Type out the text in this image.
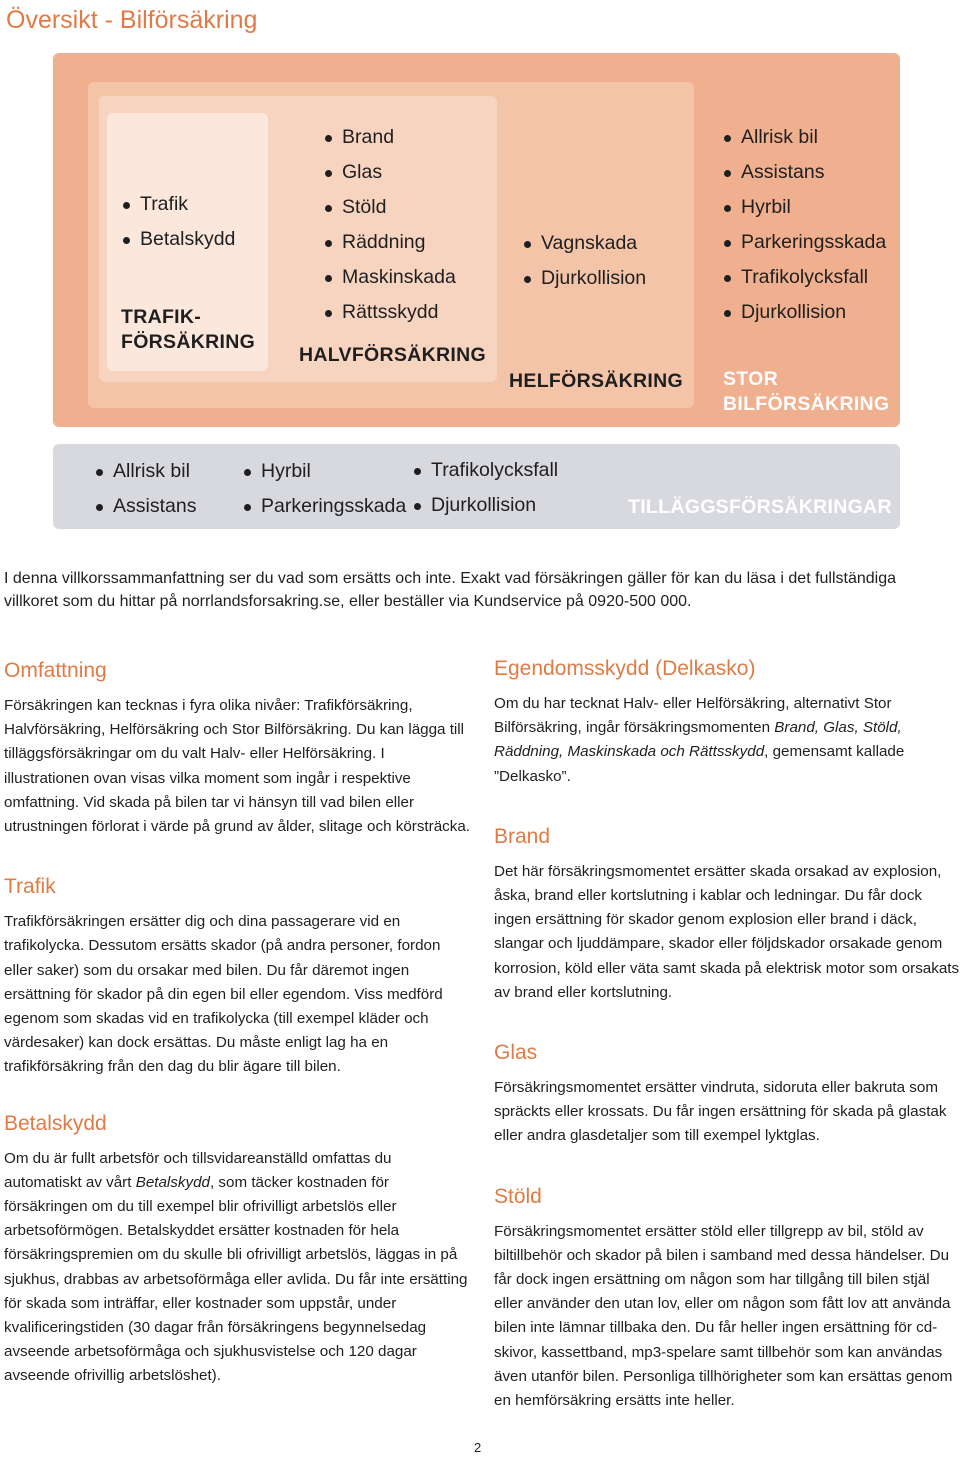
Översikt - Bilförsäkring
Trafik
Betalskydd
TRAFIK-
FÖRSÄKRING
Brand
Glas
Stöld
Räddning
Maskinskada
Rättsskydd
HALVFÖRSÄKRING
Vagnskada
Djurkollision
HELFÖRSÄKRING
Allrisk bil
Assistans
Hyrbil
Parkeringsskada
Trafikolycksfall
Djurkollision
STOR
BILFÖRSÄKRING
Allrisk bil
Assistans
Hyrbil
Parkeringsskada
Trafikolycksfall
Djurkollision	TILLÄGGSFÖRSÄKRINGAR

I denna villkorssammanfattning ser du vad som ersätts och inte. Exakt vad försäkringen gäller för kan du läsa i det fullständiga villkoret som du hittar på norrlandsforsakring.se, eller beställer via Kundservice på 0920-500 000.

Omfattning

Försäkringen kan tecknas i fyra olika nivåer: Trafikförsäkring, Halvförsäkring, Helförsäkring och Stor Bilförsäkring. Du kan lägga till tilläggsförsäkringar om du valt Halv- eller Helförsäkring. I illustrationen ovan visas vilka moment som ingår i respektive omfattning. Vid skada på bilen tar vi hänsyn till vad bilen eller utrustningen förlorat i värde på grund av ålder, slitage och körsträcka.

Trafik

Trafikförsäkringen ersätter dig och dina passagerare vid en trafikolycka. Dessutom ersätts skador (på andra personer, fordon eller saker) som du orsakar med bilen. Du får däremot ingen ersättning för skador på din egen bil eller egendom. Viss medförd egenom som skadas vid en trafikolycka (till exempel kläder och värdesaker) kan dock ersättas. Du måste enligt lag ha en trafikförsäkring från den dag du blir ägare till bilen.

Betalskydd

Om du är fullt arbetsför och tillsvidareanställd omfattas du automatiskt av vårt Betalskydd, som täcker kostnaden för försäkringen om du till exempel blir ofrivilligt arbetslös eller arbetsoförmögen. Betalskyddet ersätter kostnaden för hela försäkringspremien om du skulle bli ofrivilligt arbetslös, läggas in på sjukhus, drabbas av arbetsoförmåga eller avlida. Du får inte ersätting för skada som inträffar, eller kostnader som uppstår, under kvalificeringstiden (30 dagar från försäkringens begynnelsedag avseende arbetsoförmåga och sjukhusvistelse och 120 dagar avseende ofrivillig arbetslöshet).

Egendomsskydd (Delkasko)

Om du har tecknat Halv- eller Helförsäkring, alternativt Stor Bilförsäkring, ingår försäkringsmomenten Brand, Glas, Stöld, Räddning, Maskinskada och Rättsskydd, gemensamt kallade ”Delkasko”.

Brand

Det här försäkringsmomentet ersätter skada orsakad av explosion, åska, brand eller kortslutning i kablar och ledningar. Du får dock ingen ersättning för skador genom explosion eller brand i däck, slangar och ljuddämpare, skador eller följdskador orsakade genom korrosion, köld eller väta samt skada på elektrisk motor som orsakats av brand eller kortslutning.

Glas

Försäkringsmomentet ersätter vindruta, sidoruta eller bakruta som spräckts eller krossats. Du får ingen ersättning för skada på glastak eller andra glasdetaljer som till exempel lyktglas.

Stöld

Försäkringsmomentet ersätter stöld eller tillgrepp av bil, stöld av biltillbehör och skador på bilen i samband med dessa händelser. Du får dock ingen ersättning om någon som har tillgång till bilen stjäl eller använder den utan lov, eller om någon som fått lov att använda bilen inte lämnar tillbaka den. Du får heller ingen ersättning för cd-skivor, kassettband, mp3-spelare samt tillbehör som kan användas även utanför bilen. Personliga tillhörigheter som kan ersättas genom en hemförsäkring ersätts inte heller.

2
